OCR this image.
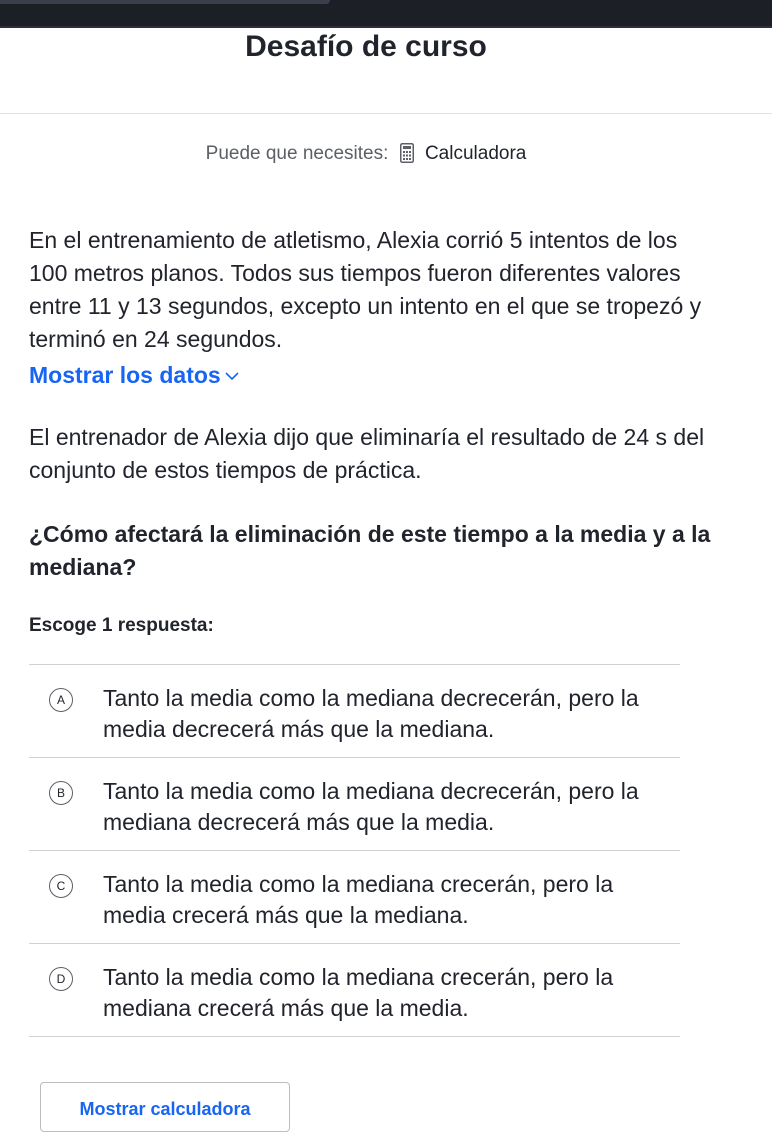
Desafío de curso
Puede que necesites: Calculadora
En el entrenamiento de atletismo, Alexia corrió 5 intentos de los 100 metros planos. Todos sus tiempos fueron diferentes valores entre 11 y 13 segundos, excepto un intento en el que se tropezó y terminó en 24 segundos.
Mostrar los datos
El entrenador de Alexia dijo que eliminaría el resultado de 24 s del conjunto de estos tiempos de práctica.
¿Cómo afectará la eliminación de este tiempo a la media y a la mediana?
Escoge 1 respuesta:
A	Tanto la media como la mediana decrecerán, pero la media decrecerá más que la mediana.
B	Tanto la media como la mediana decrecerán, pero la mediana decrecerá más que la media.
C	Tanto la media como la mediana crecerán, pero la media crecerá más que la mediana.
D	Tanto la media como la mediana crecerán, pero la mediana crecerá más que la media.
Mostrar calculadora
